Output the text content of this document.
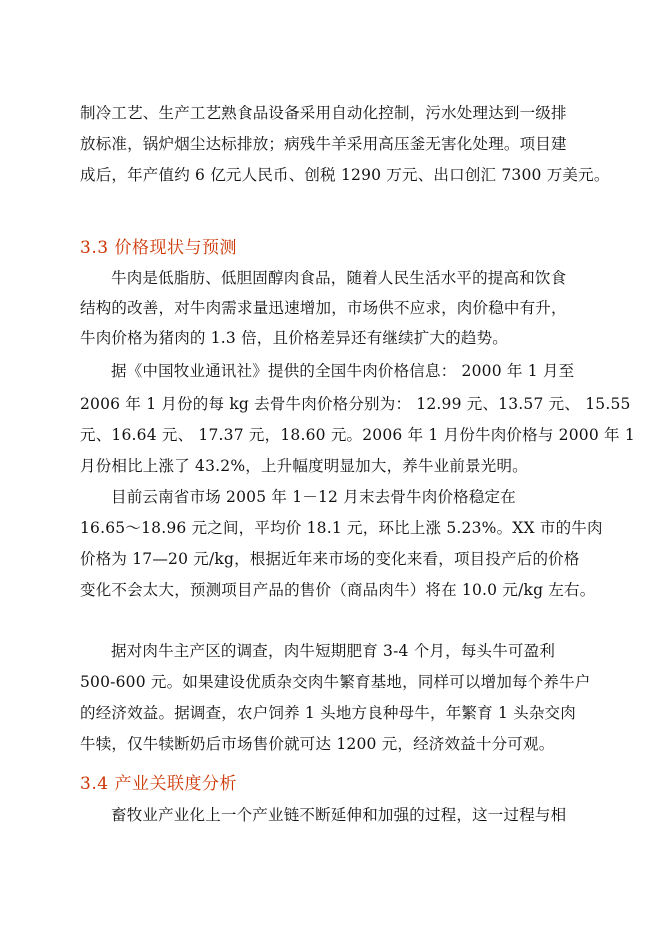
制冷工艺、生产工艺熟食品设备采用自动化控制，污水处理达到一级排
放标准，锅炉烟尘达标排放；病残牛羊采用高压釜无害化处理。项目建
成后，年产值约 6 亿元人民币、创税 1290 万元、出口创汇 7300 万美元。
3.3 价格现状与预测
牛肉是低脂肪、低胆固醇肉食品，随着人民生活水平的提高和饮食
结构的改善，对牛肉需求量迅速增加，市场供不应求，肉价稳中有升，
牛肉价格为猪肉的 1.3 倍，且价格差异还有继续扩大的趋势。
据《中国牧业通讯社》提供的全国牛肉价格信息： 2000 年 1 月至
2006 年 1 月份的每 kg 去骨牛肉价格分别为： 12.99 元、13.57 元、 15.55
元、16.64 元、 17.37 元，18.60 元。2006 年 1 月份牛肉价格与 2000 年 1
月份相比上涨了 43.2%，上升幅度明显加大，养牛业前景光明。
目前云南省市场 2005 年 1－12 月末去骨牛肉价格稳定在
16.65～18.96 元之间，平均价 18.1 元，环比上涨 5.23%。XX 市的牛肉
价格为 17—20 元/kg，根据近年来市场的变化来看，项目投产后的价格
变化不会太大，预测项目产品的售价（商品肉牛）将在 10.0 元/kg 左右。
据对肉牛主产区的调查，肉牛短期肥育 3-4 个月，每头牛可盈利
500-600 元。如果建设优质杂交肉牛繁育基地，同样可以增加每个养牛户
的经济效益。据调查，农户饲养 1 头地方良种母牛，年繁育 1 头杂交肉
牛犊，仅牛犊断奶后市场售价就可达 1200 元，经济效益十分可观。
3.4 产业关联度分析
畜牧业产业化上一个产业链不断延伸和加强的过程，这一过程与相
